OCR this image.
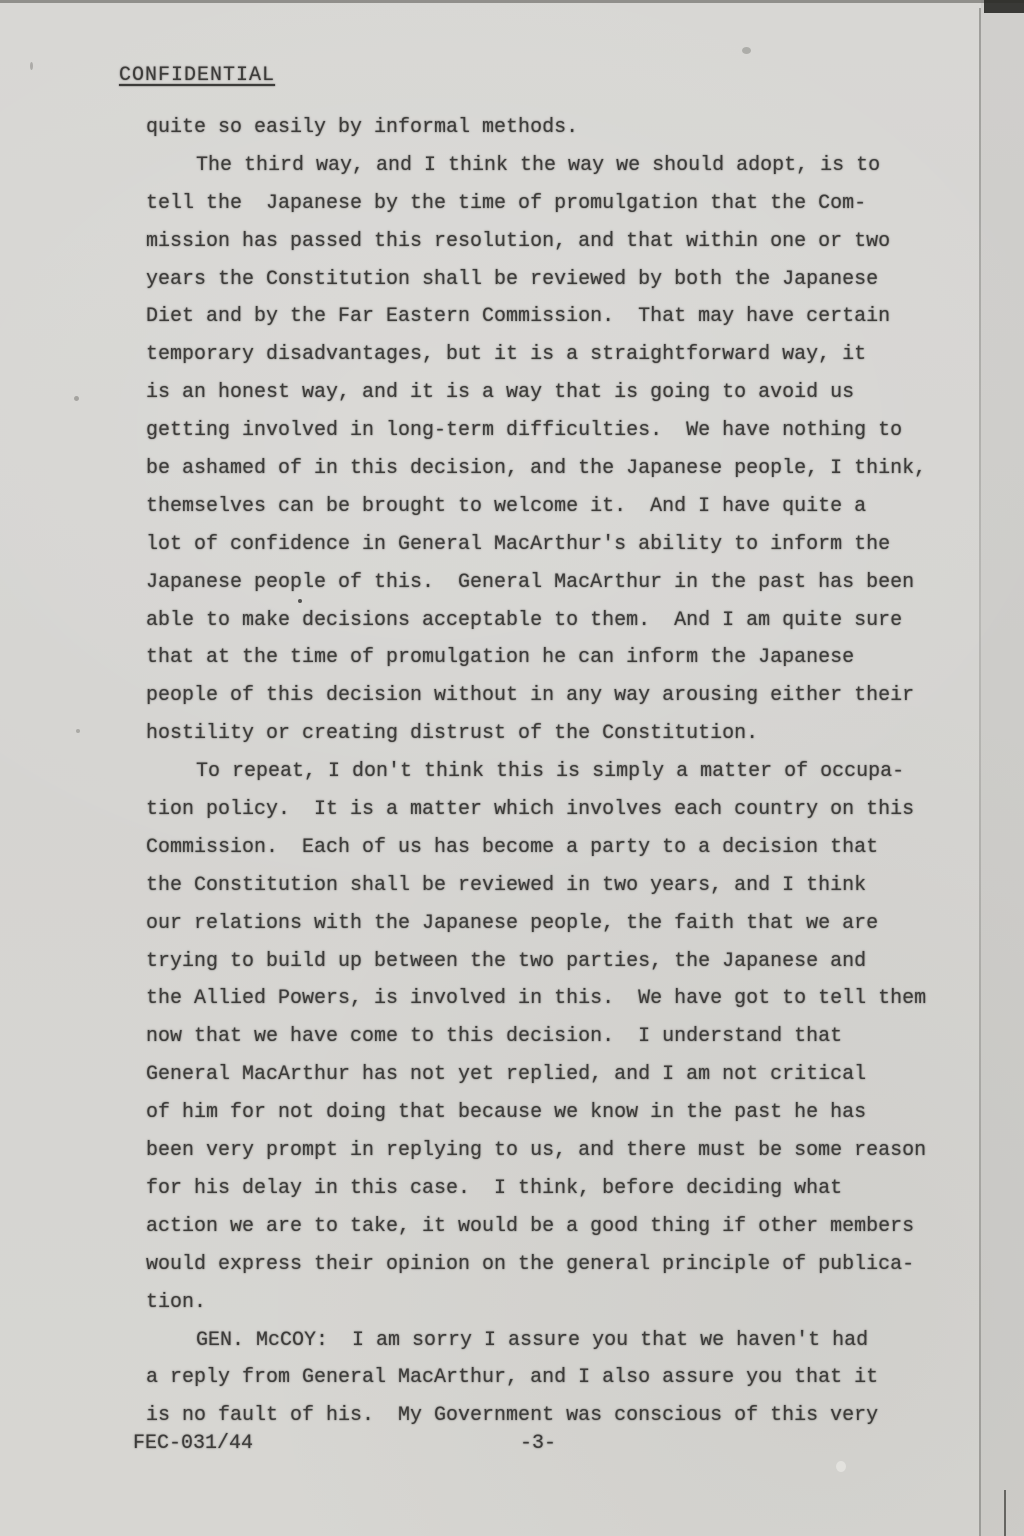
CONFIDENTIAL
quite so easily by informal methods.
The third way, and I think the way we should adopt, is to
tell the  Japanese by the time of promulgation that the Com-
mission has passed this resolution, and that within one or two
years the Constitution shall be reviewed by both the Japanese
Diet and by the Far Eastern Commission.  That may have certain
temporary disadvantages, but it is a straightforward way, it
is an honest way, and it is a way that is going to avoid us
getting involved in long-term difficulties.  We have nothing to
be ashamed of in this decision, and the Japanese people, I think,
themselves can be brought to welcome it.  And I have quite a
lot of confidence in General MacArthur's ability to inform the
Japanese people of this.  General MacArthur in the past has been
able to make decisions acceptable to them.  And I am quite sure
that at the time of promulgation he can inform the Japanese
people of this decision without in any way arousing either their
hostility or creating distrust of the Constitution.
To repeat, I don't think this is simply a matter of occupa-
tion policy.  It is a matter which involves each country on this
Commission.  Each of us has become a party to a decision that
the Constitution shall be reviewed in two years, and I think
our relations with the Japanese people, the faith that we are
trying to build up between the two parties, the Japanese and
the Allied Powers, is involved in this.  We have got to tell them
now that we have come to this decision.  I understand that
General MacArthur has not yet replied, and I am not critical
of him for not doing that because we know in the past he has
been very prompt in replying to us, and there must be some reason
for his delay in this case.  I think, before deciding what
action we are to take, it would be a good thing if other members
would express their opinion on the general principle of publica-
tion.
GEN. McCOY:  I am sorry I assure you that we haven't had
a reply from General MacArthur, and I also assure you that it
is no fault of his.  My Government was conscious of this very
FEC-031/44	-3-
